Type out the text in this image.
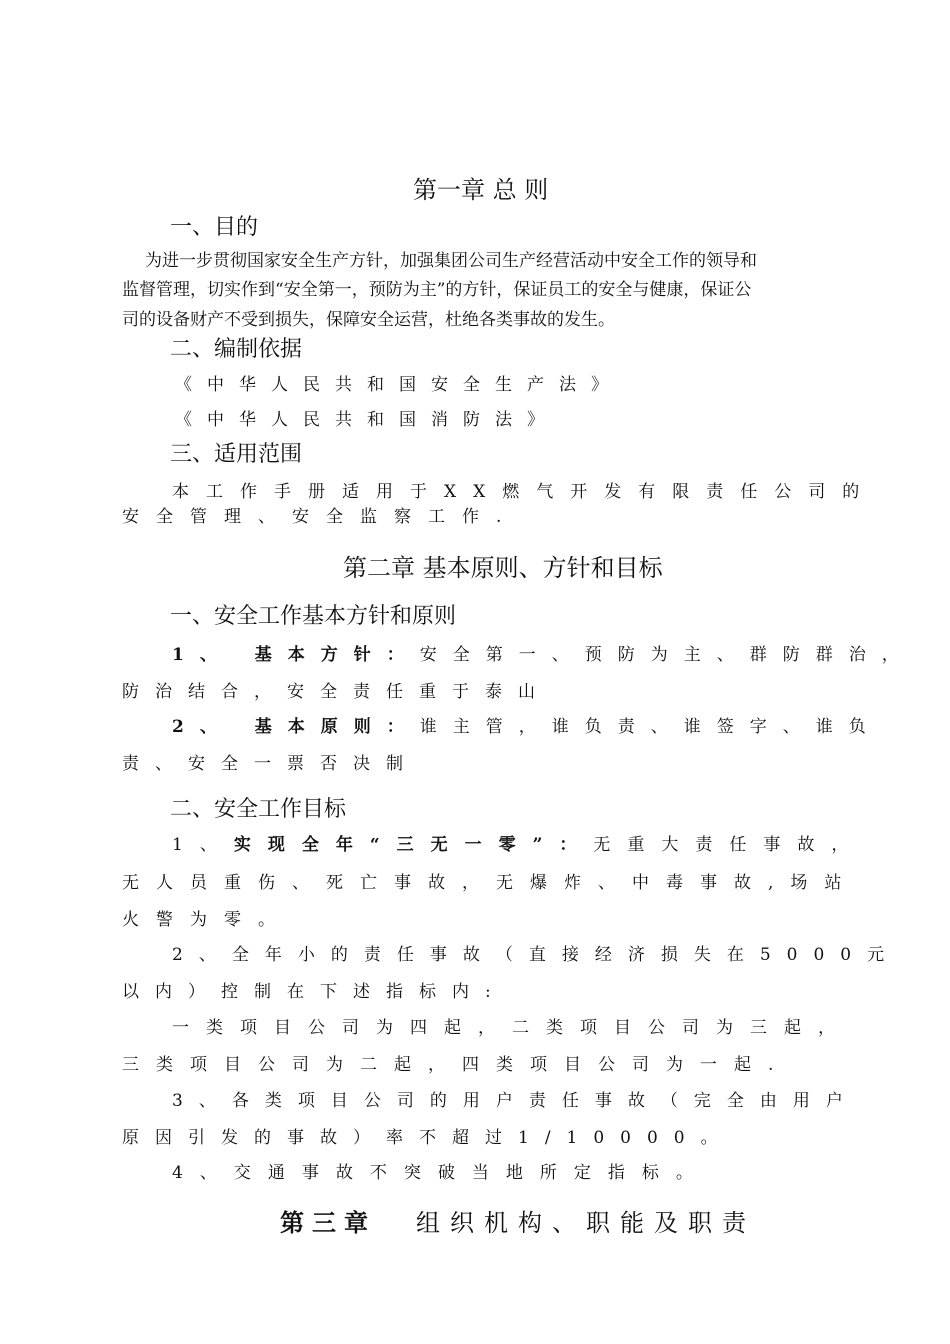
第一章 总 则
一、目的
为进一步贯彻国家安全生产方针，加强集团公司生产经营活动中安全工作的领导和
监督管理，切实作到“安全第一，预防为主”的方针，保证员工的安全与健康，保证公
司的设备财产不受到损失，保障安全运营，杜绝各类事故的发生。
二、编制依据
《中华人民共和国安全生产法》
《中华人民共和国消防法》
三、适用范围
本工作手册适用于XX燃气开发有限责任公司的
安全管理、安全监察工作.
第二章 基本原则、方针和目标
一、安全工作基本方针和原则
1、 基本方针：安全第一、预防为主、群防群治，
防治结合，安全责任重于泰山
2、 基本原则：谁主管，谁负责、谁签字、谁负
责、安全一票否决制
二、安全工作目标
1、实现全年“三无一零”：无重大责任事故，
无人员重伤、死亡事故，无爆炸、中毒事故,场站
火警为零。
2、全年小的责任事故（直接经济损失在5000元
以内）控制在下述指标内:
一类项目公司为四起，二类项目公司为三起，
三类项目公司为二起，四类项目公司为一起.
3、各类项目公司的用户责任事故（完全由用户
原因引发的事故）率不超过1/10000。
4、交通事故不突破当地所定指标。
第三章 组织机构、职能及职责
